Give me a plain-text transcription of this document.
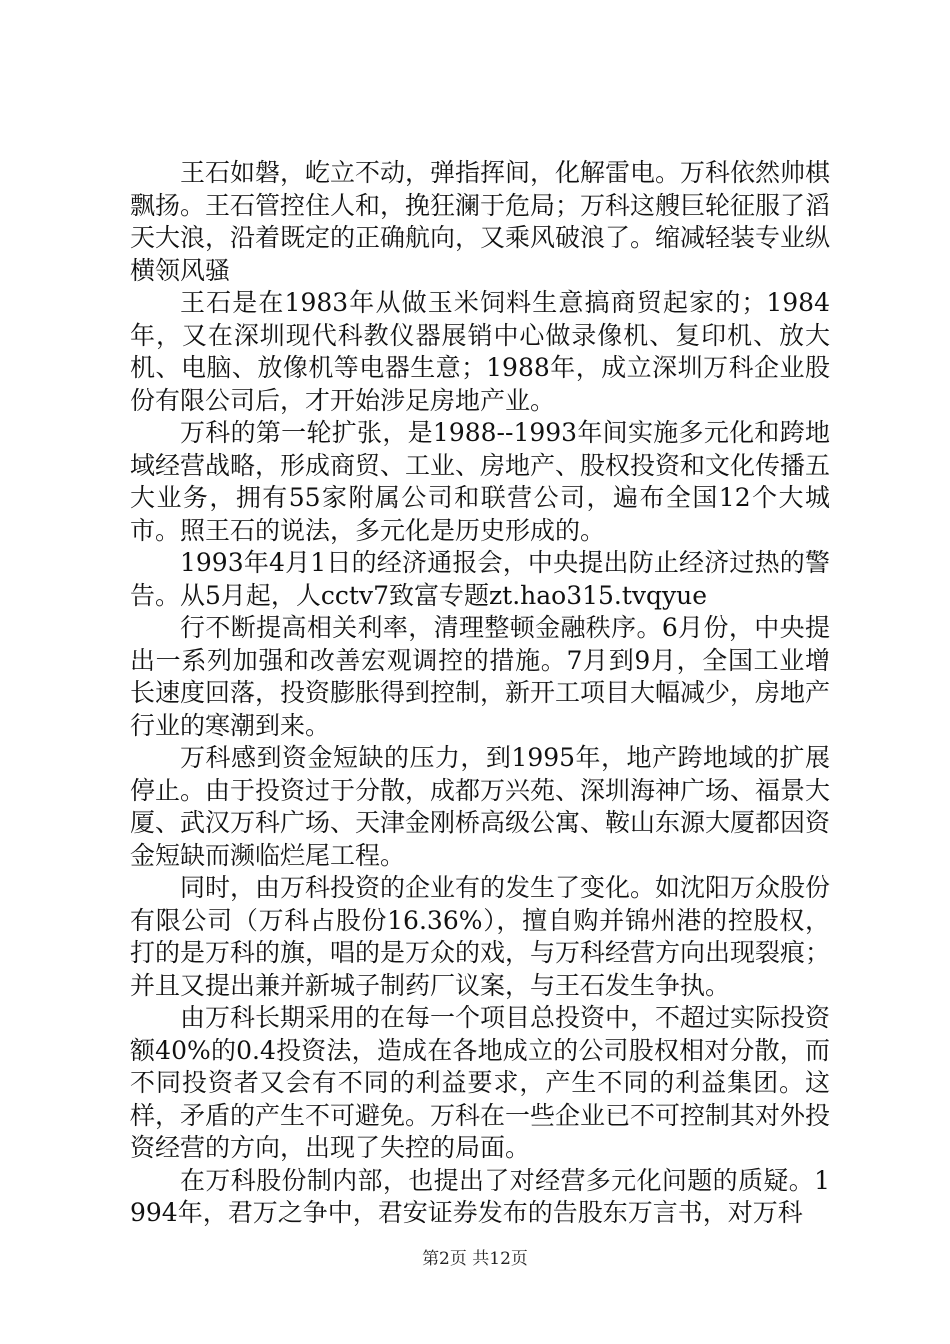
王石如磐，屹立不动，弹指挥间，化解雷电。万科依然帅棋飘扬。王石管控住人和，挽狂澜于危局；万科这艘巨轮征服了滔天大浪，沿着既定的正确航向，又乘风破浪了。缩减轻装专业纵横领风骚

王石是在1983年从做玉米饲料生意搞商贸起家的；1984年，又在深圳现代科教仪器展销中心做录像机、复印机、放大机、电脑、放像机等电器生意；1988年，成立深圳万科企业股份有限公司后，才开始涉足房地产业。

万科的第一轮扩张，是1988--1993年间实施多元化和跨地域经营战略，形成商贸、工业、房地产、股权投资和文化传播五大业务，拥有55家附属公司和联营公司，遍布全国12个大城市。照王石的说法，多元化是历史形成的。

1993年4月1日的经济通报会，中央提出防止经济过热的警告。从5月起，人cctv7致富专题zt.hao315.tvqyue

行不断提高相关利率，清理整顿金融秩序。6月份，中央提出一系列加强和改善宏观调控的措施。7月到9月，全国工业增长速度回落，投资膨胀得到控制，新开工项目大幅减少，房地产行业的寒潮到来。

万科感到资金短缺的压力，到1995年，地产跨地域的扩展停止。由于投资过于分散，成都万兴苑、深圳海神广场、福景大厦、武汉万科广场、天津金刚桥高级公寓、鞍山东源大厦都因资金短缺而濒临烂尾工程。

同时，由万科投资的企业有的发生了变化。如沈阳万众股份有限公司（万科占股份16.36%），擅自购并锦州港的控股权，打的是万科的旗，唱的是万众的戏，与万科经营方向出现裂痕；并且又提出兼并新城子制药厂议案，与王石发生争执。

由万科长期采用的在每一个项目总投资中，不超过实际投资额40%的0.4投资法，造成在各地成立的公司股权相对分散，而不同投资者又会有不同的利益要求，产生不同的利益集团。这样，矛盾的产生不可避免。万科在一些企业已不可控制其对外投资经营的方向，出现了失控的局面。

在万科股份制内部，也提出了对经营多元化问题的质疑。1994年，君万之争中，君安证券发布的告股东万言书，对万科

第2页 共12页
